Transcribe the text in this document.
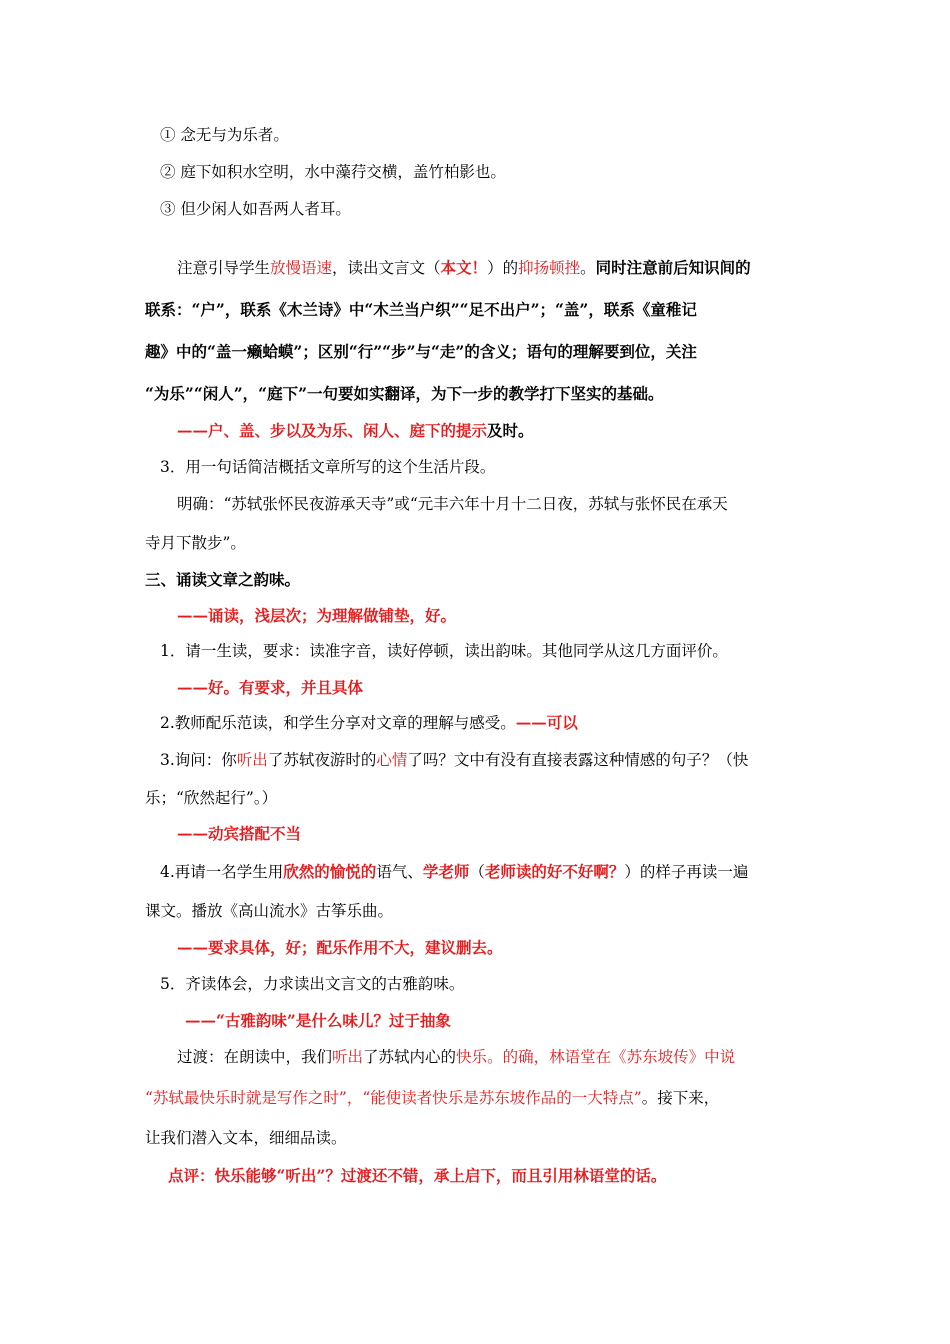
① 念无与为乐者。
② 庭下如积水空明，水中藻荇交横，盖竹柏影也。
③ 但少闲人如吾两人者耳。
注意引导学生放慢语速，读出文言文（本文！）的抑扬顿挫。同时注意前后知识间的
联系：“户”，联系《木兰诗》中“木兰当户织”“足不出户”；“盖”，联系《童稚记
趣》中的“盖一癞蛤蟆”；区别“行”“步”与“走”的含义；语句的理解要到位，关注
“为乐”“闲人”，“庭下”一句要如实翻译，为下一步的教学打下坚实的基础。
——户、盖、步以及为乐、闲人、庭下的提示及时。
3．用一句话简洁概括文章所写的这个生活片段。
明确：“苏轼张怀民夜游承天寺”或“元丰六年十月十二日夜，苏轼与张怀民在承天
寺月下散步”。
三、诵读文章之韵味。
——诵读，浅层次；为理解做铺垫，好。
1．请一生读，要求：读准字音，读好停顿，读出韵味。其他同学从这几方面评价。
——好。有要求，并且具体
2.教师配乐范读，和学生分享对文章的理解与感受。——可以
3.询问：你听出了苏轼夜游时的心情了吗？文中有没有直接表露这种情感的句子？（快
乐；“欣然起行”。）
——动宾搭配不当
4.再请一名学生用欣然的愉悦的语气、学老师（老师读的好不好啊？）的样子再读一遍
课文。播放《高山流水》古筝乐曲。
——要求具体，好；配乐作用不大，建议删去。
5．齐读体会，力求读出文言文的古雅韵味。
——“古雅韵味”是什么味儿？过于抽象
过渡：在朗读中，我们听出了苏轼内心的快乐。的确，林语堂在《苏东坡传》中说
“苏轼最快乐时就是写作之时”，“能使读者快乐是苏东坡作品的一大特点”。接下来，
让我们潜入文本，细细品读。
点评：快乐能够“听出”？过渡还不错，承上启下，而且引用林语堂的话。
